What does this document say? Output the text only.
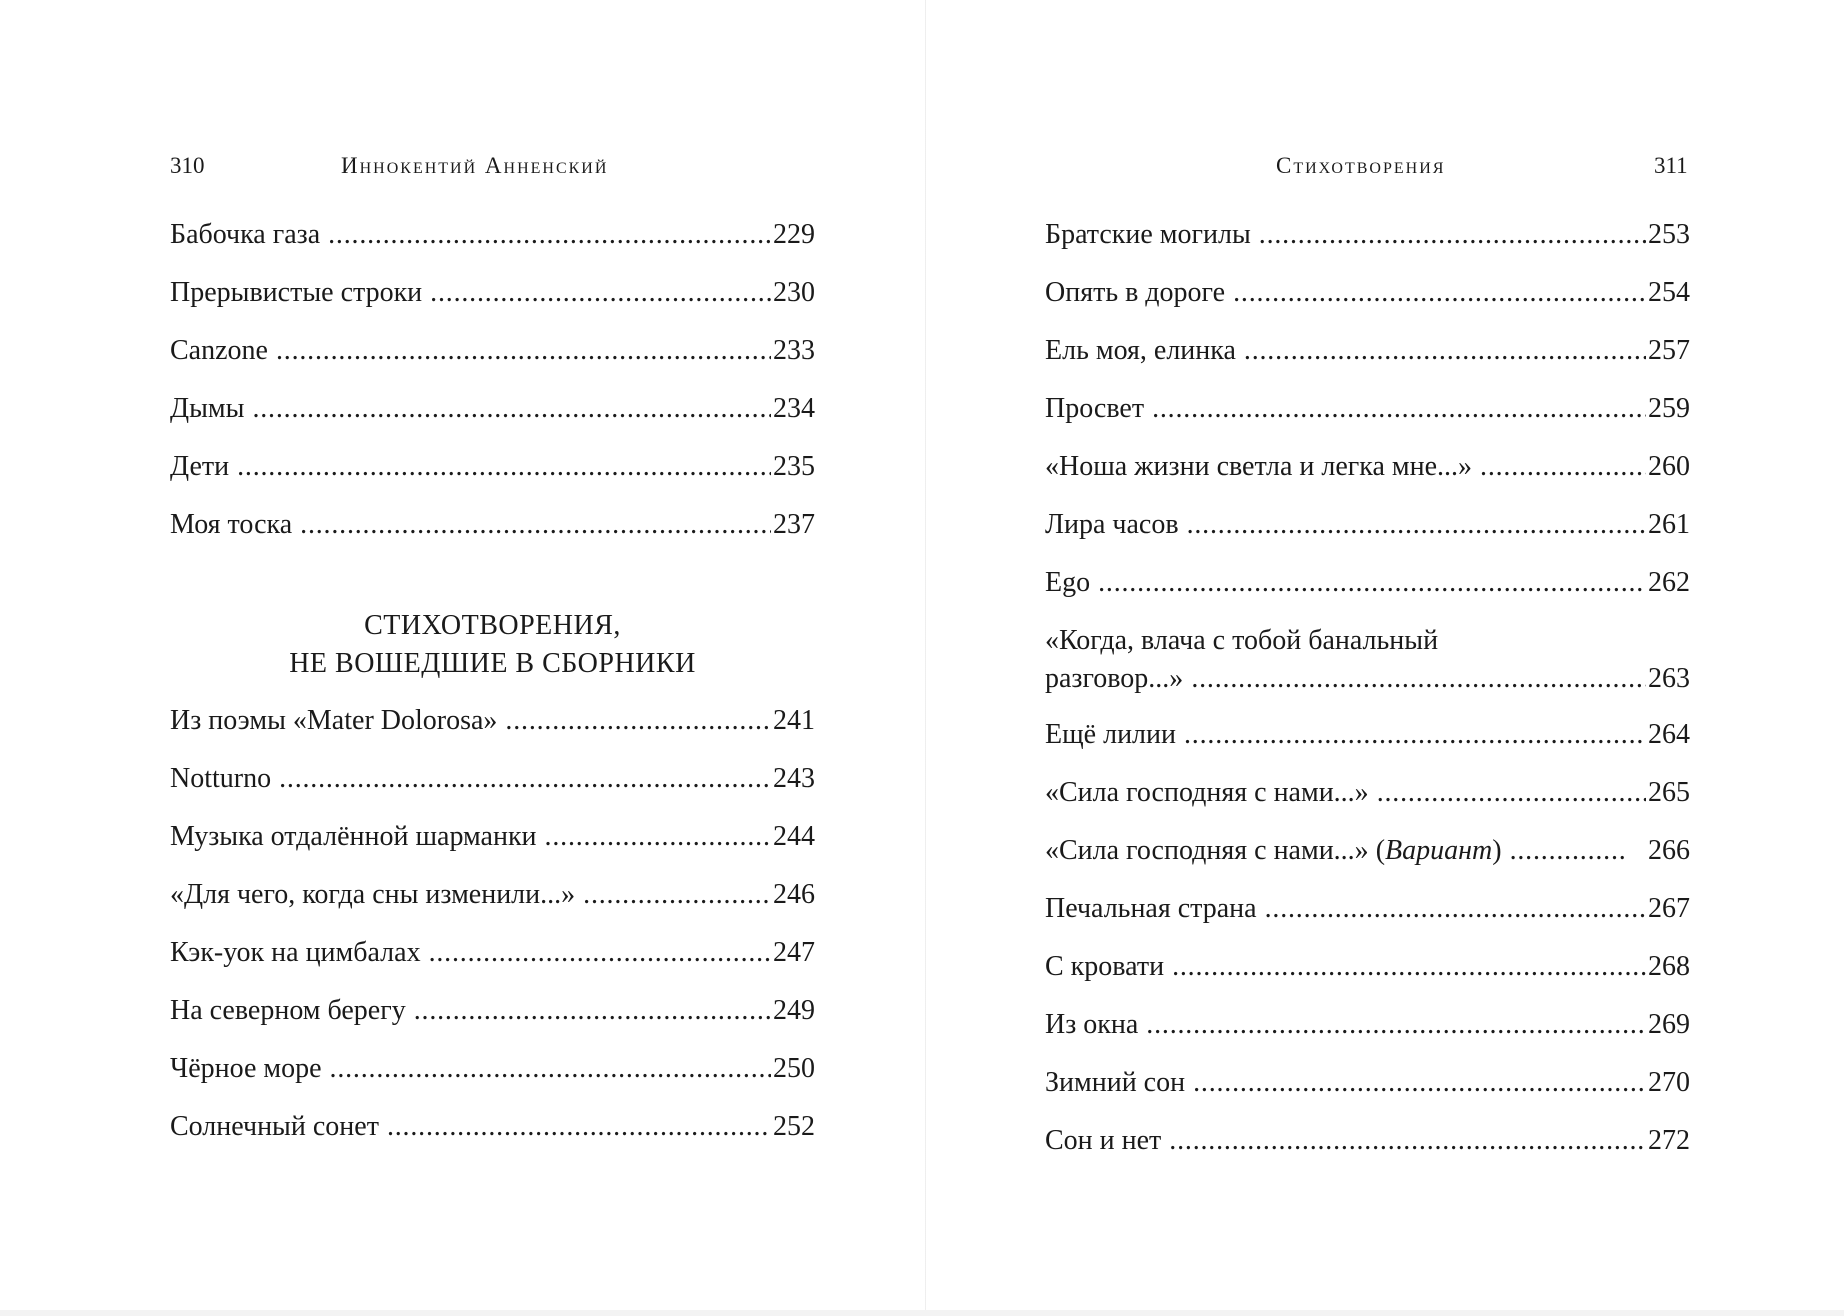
310	Иннокентий Анненский
Бабочка газа . . .	229
Прерывистые строки . . .	230
Canzone . . .	233
Дымы . . .	234
Дети . . .	235
Моя тоска . . .	237
СТИХОТВОРЕНИЯ,
НЕ ВОШЕДШИЕ В СБОРНИКИ
Из поэмы «Mater Dolorosa» . . .	241
Notturno . . .	243
Музыка отдалённой шарманки . . .	244
«Для чего, когда сны изменили...» . . .	246
Кэк-уок на цимбалах . . .	247
На северном берегу . . .	249
Чёрное море . . .	250
Солнечный сонет . . .	252
Стихотворения	311
Братские могилы . . .	253
Опять в дороге . . .	254
Ель моя, елинка . . .	257
Просвет . . .	259
«Ноша жизни светла и легка мне...» . . .	260
Лира часов . . .	261
Ego . . .	262
«Когда, влача с тобой банальный
разговор...» . . .	263
Ещё лилии . . .	264
«Сила господняя с нами...» . . .	265
«Сила господняя с нами...» (Вариант) . . .	266
Печальная страна . . .	267
С кровати . . .	268
Из окна . . .	269
Зимний сон . . .	270
Сон и нет . . .	272
